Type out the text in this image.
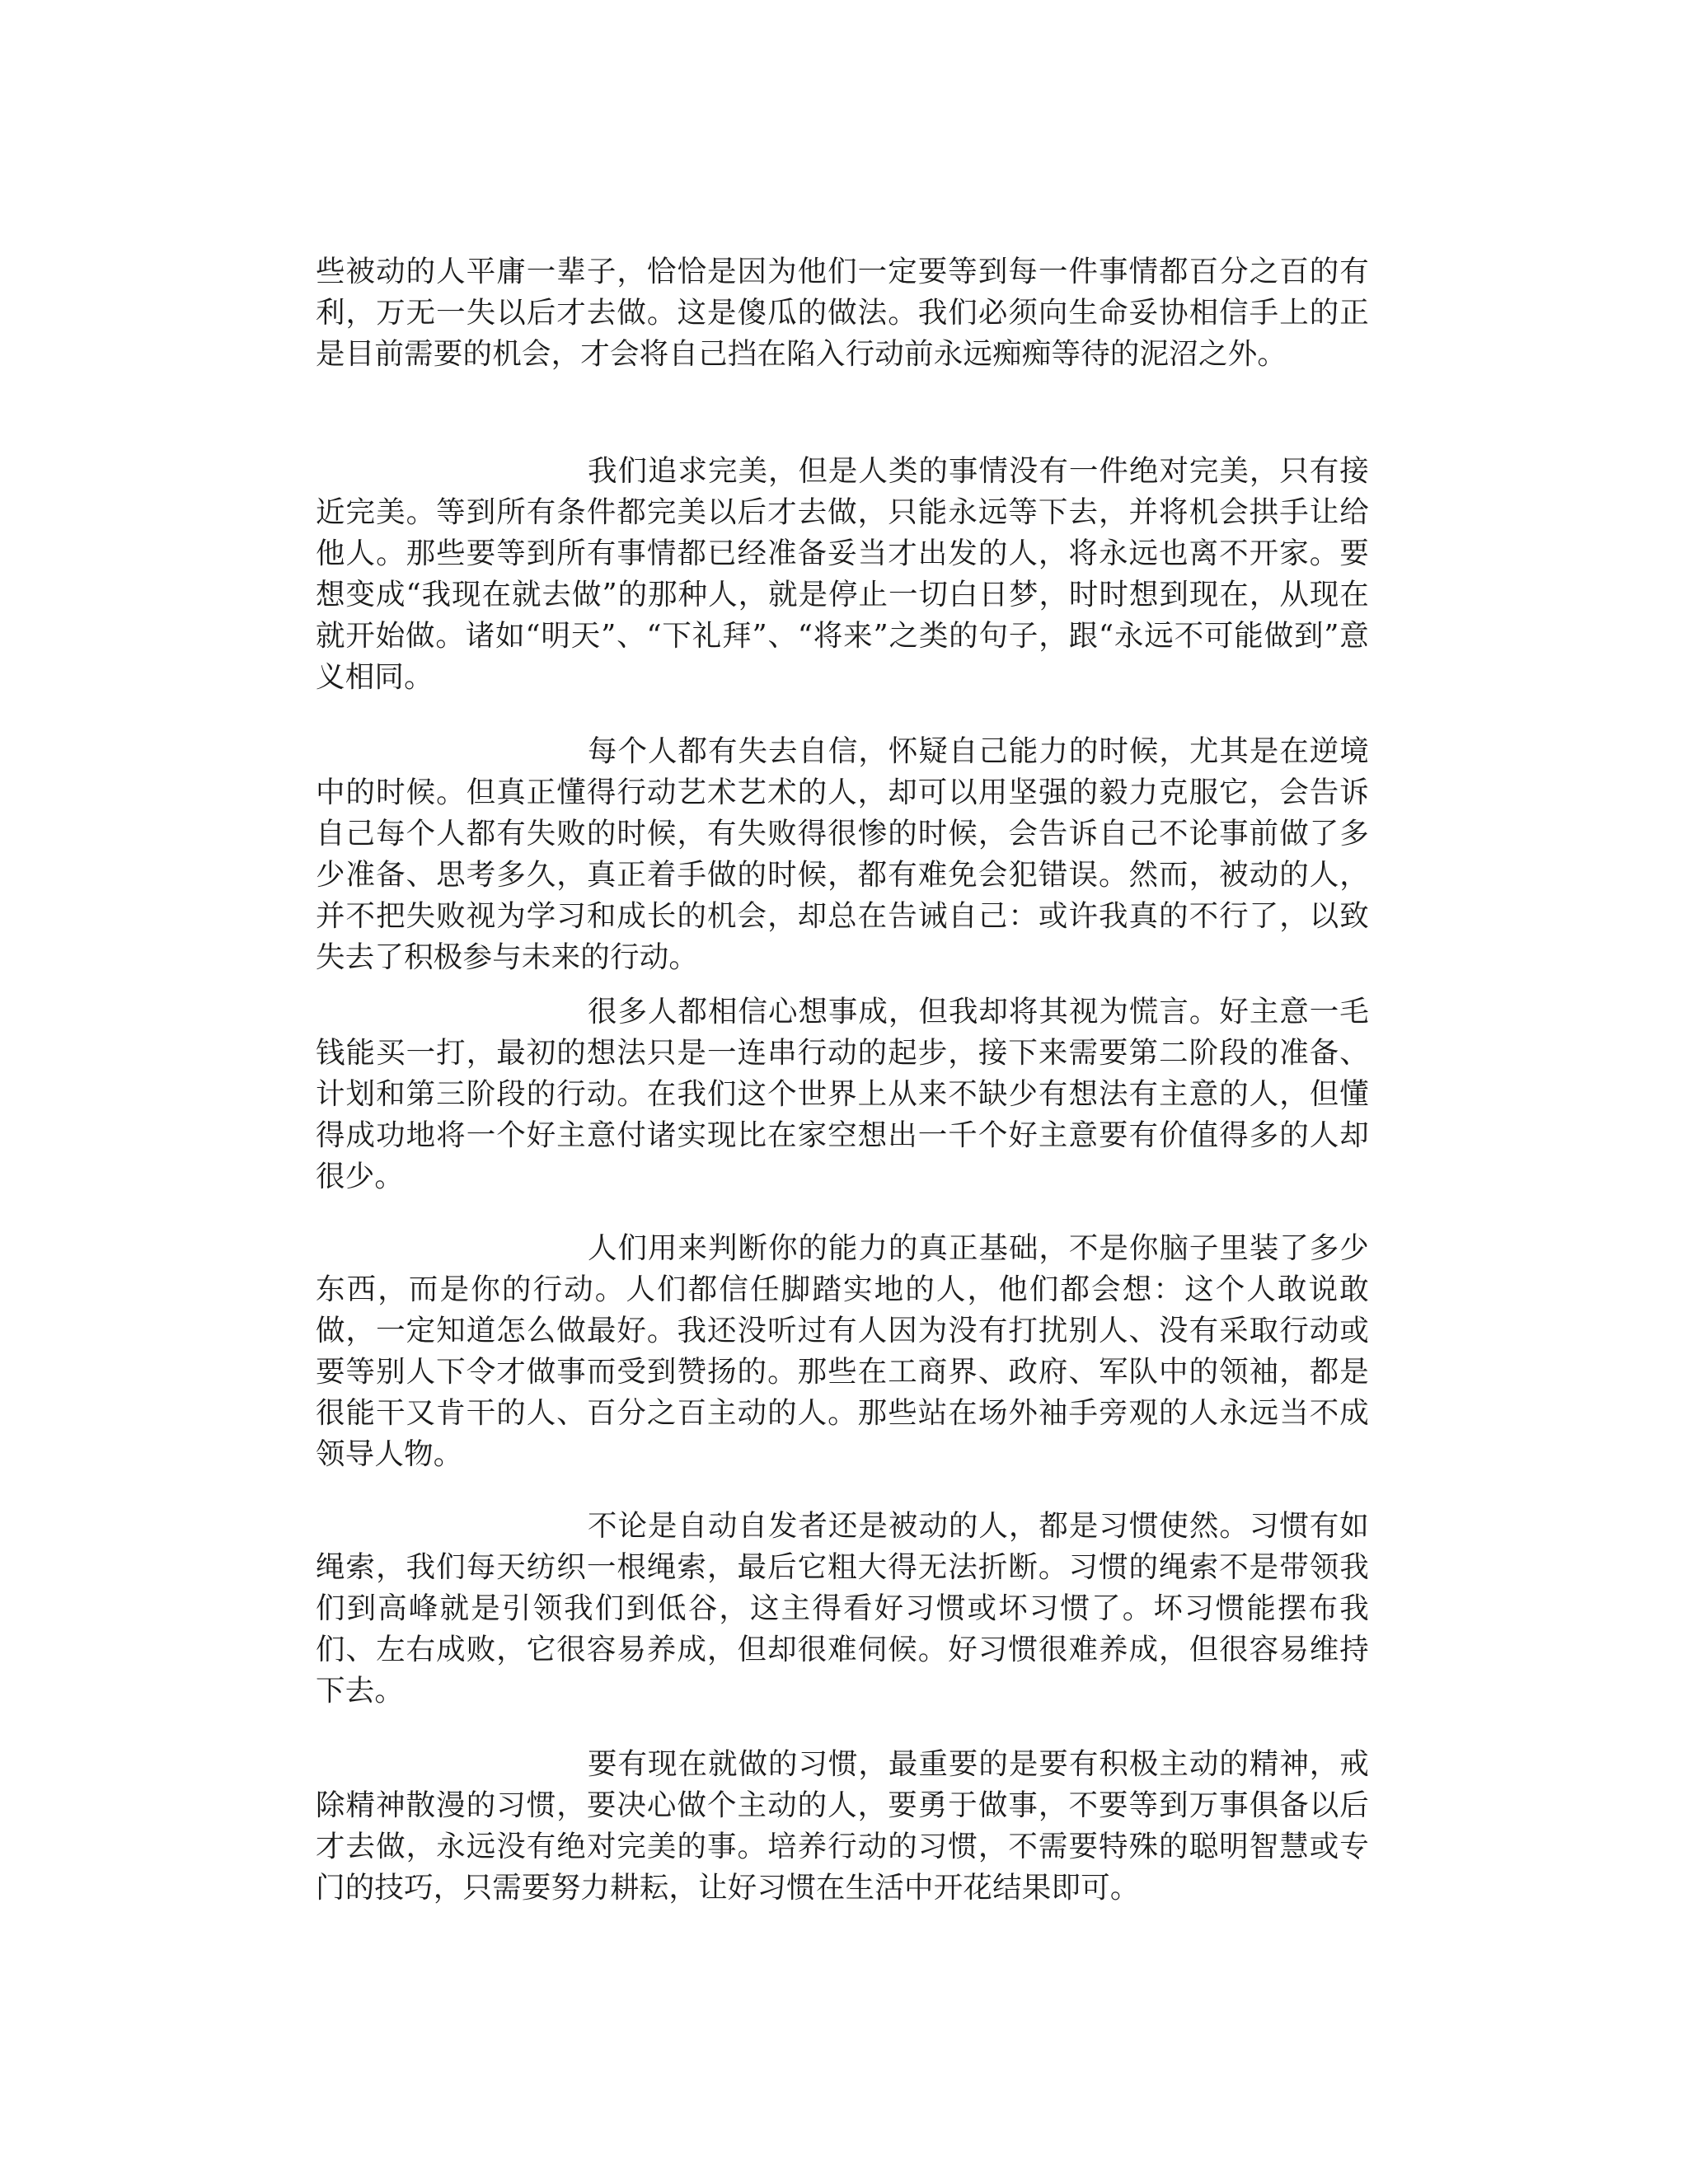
些被动的人平庸一辈子，恰恰是因为他们一定要等到每一件事情都百分之百的有利，万无一失以后才去做。这是傻瓜的做法。我们必须向生命妥协相信手上的正是目前需要的机会，才会将自己挡在陷入行动前永远痴痴等待的泥沼之外。

我们追求完美，但是人类的事情没有一件绝对完美，只有接近完美。等到所有条件都完美以后才去做，只能永远等下去，并将机会拱手让给他人。那些要等到所有事情都已经准备妥当才出发的人，将永远也离不开家。要想变成“我现在就去做”的那种人，就是停止一切白日梦，时时想到现在，从现在就开始做。诸如“明天”、“下礼拜”、“将来”之类的句子，跟“永远不可能做到”意义相同。

每个人都有失去自信，怀疑自己能力的时候，尤其是在逆境中的时候。但真正懂得行动艺术艺术的人，却可以用坚强的毅力克服它，会告诉自己每个人都有失败的时候，有失败得很惨的时候，会告诉自己不论事前做了多少准备、思考多久，真正着手做的时候，都有难免会犯错误。然而，被动的人，并不把失败视为学习和成长的机会，却总在告诫自己：或许我真的不行了，以致失去了积极参与未来的行动。

很多人都相信心想事成，但我却将其视为慌言。好主意一毛钱能买一打，最初的想法只是一连串行动的起步，接下来需要第二阶段的准备、计划和第三阶段的行动。在我们这个世界上从来不缺少有想法有主意的人，但懂得成功地将一个好主意付诸实现比在家空想出一千个好主意要有价值得多的人却很少。

人们用来判断你的能力的真正基础，不是你脑子里装了多少东西，而是你的行动。人们都信任脚踏实地的人，他们都会想：这个人敢说敢做，一定知道怎么做最好。我还没听过有人因为没有打扰别人、没有采取行动或要等别人下令才做事而受到赞扬的。那些在工商界、政府、军队中的领袖，都是很能干又肯干的人、百分之百主动的人。那些站在场外袖手旁观的人永远当不成领导人物。

不论是自动自发者还是被动的人，都是习惯使然。习惯有如绳索，我们每天纺织一根绳索，最后它粗大得无法折断。习惯的绳索不是带领我们到高峰就是引领我们到低谷，这主得看好习惯或坏习惯了。坏习惯能摆布我们、左右成败，它很容易养成，但却很难伺候。好习惯很难养成，但很容易维持下去。

要有现在就做的习惯，最重要的是要有积极主动的精神，戒除精神散漫的习惯，要决心做个主动的人，要勇于做事，不要等到万事俱备以后才去做，永远没有绝对完美的事。培养行动的习惯，不需要特殊的聪明智慧或专门的技巧，只需要努力耕耘，让好习惯在生活中开花结果即可。
